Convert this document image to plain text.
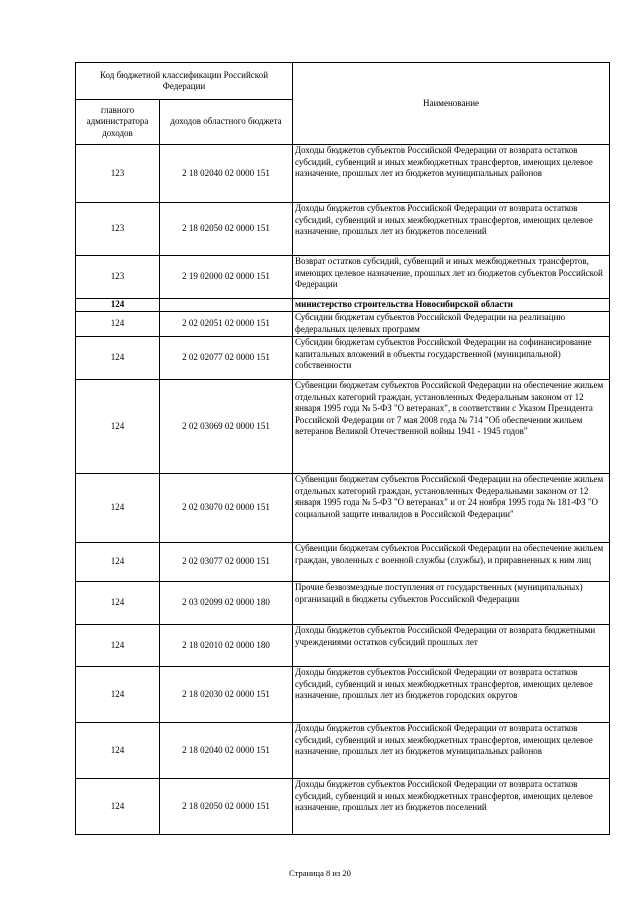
Код бюджетной классификации Российской Федерации		Наименование
главного администратора доходов	доходов областного бюджета	
123	2 18 02040 02 0000 151	Доходы бюджетов субъектов Российской Федерации от возврата остатков субсидий, субвенций и иных межбюджетных трансфертов, имеющих целевое назначение, прошлых лет из бюджетов муниципальных районов
123	2 18 02050 02 0000 151	Доходы бюджетов субъектов Российской Федерации от возврата остатков субсидий, субвенций и иных межбюджетных трансфертов, имеющих целевое назначение, прошлых лет из бюджетов поселений
123	2 19 02000 02 0000 151	Возврат остатков субсидий, субвенций и иных межбюджетных трансфертов, имеющих целевое назначение, прошлых лет из бюджетов субъектов Российской Федерации
124		министерство строительства Новосибирской области
124	2 02 02051 02 0000 151	Субсидии бюджетам субъектов Российской Федерации на реализацию федеральных целевых программ
124	2 02 02077 02 0000 151	Субсидии бюджетам субъектов Российской Федерации на софинансирование капитальных вложений в объекты государственной (муниципальной) собственности
124	2 02 03069 02 0000 151	Субвенции бюджетам субъектов Российской Федерации на обеспечение жильем отдельных категорий граждан, установленных Федеральным законом от 12 января 1995 года № 5-ФЗ "О ветеранах", в соответствии с Указом Президента Российской Федерации от 7 мая 2008 года № 714 "Об обеспечении жильем ветеранов Великой Отечественной войны 1941 - 1945 годов"
124	2 02 03070 02 0000 151	Субвенции бюджетам субъектов Российской Федерации на обеспечение жильем отдельных категорий граждан, установленных Федеральными законом от 12 января 1995 года № 5-ФЗ "О ветеранах" и от 24 ноября 1995 года № 181-ФЗ "О социальной защите инвалидов в Российской Федерации"
124	2 02 03077 02 0000 151	Субвенции бюджетам субъектов Российской Федерации на обеспечение жильем граждан, уволенных с военной службы (службы), и приравненных к ним лиц
124	2 03 02099 02 0000 180	Прочие безвозмездные поступления от государственных (муниципальных) организаций в бюджеты субъектов Российской Федерации
124	2 18 02010 02 0000 180	Доходы бюджетов субъектов Российской Федерации от возврата бюджетными учреждениями остатков субсидий прошлых лет
124	2 18 02030 02 0000 151	Доходы бюджетов субъектов Российской Федерации от возврата остатков субсидий, субвенций и иных межбюджетных трансфертов, имеющих целевое назначение, прошлых лет из бюджетов городских округов
124	2 18 02040 02 0000 151	Доходы бюджетов субъектов Российской Федерации от возврата остатков субсидий, субвенций и иных межбюджетных трансфертов, имеющих целевое назначение, прошлых лет из бюджетов муниципальных районов
124	2 18 02050 02 0000 151	Доходы бюджетов субъектов Российской Федерации от возврата остатков субсидий, субвенций и иных межбюджетных трансфертов, имеющих целевое назначение, прошлых лет из бюджетов поселений
Страница 8 из 20
